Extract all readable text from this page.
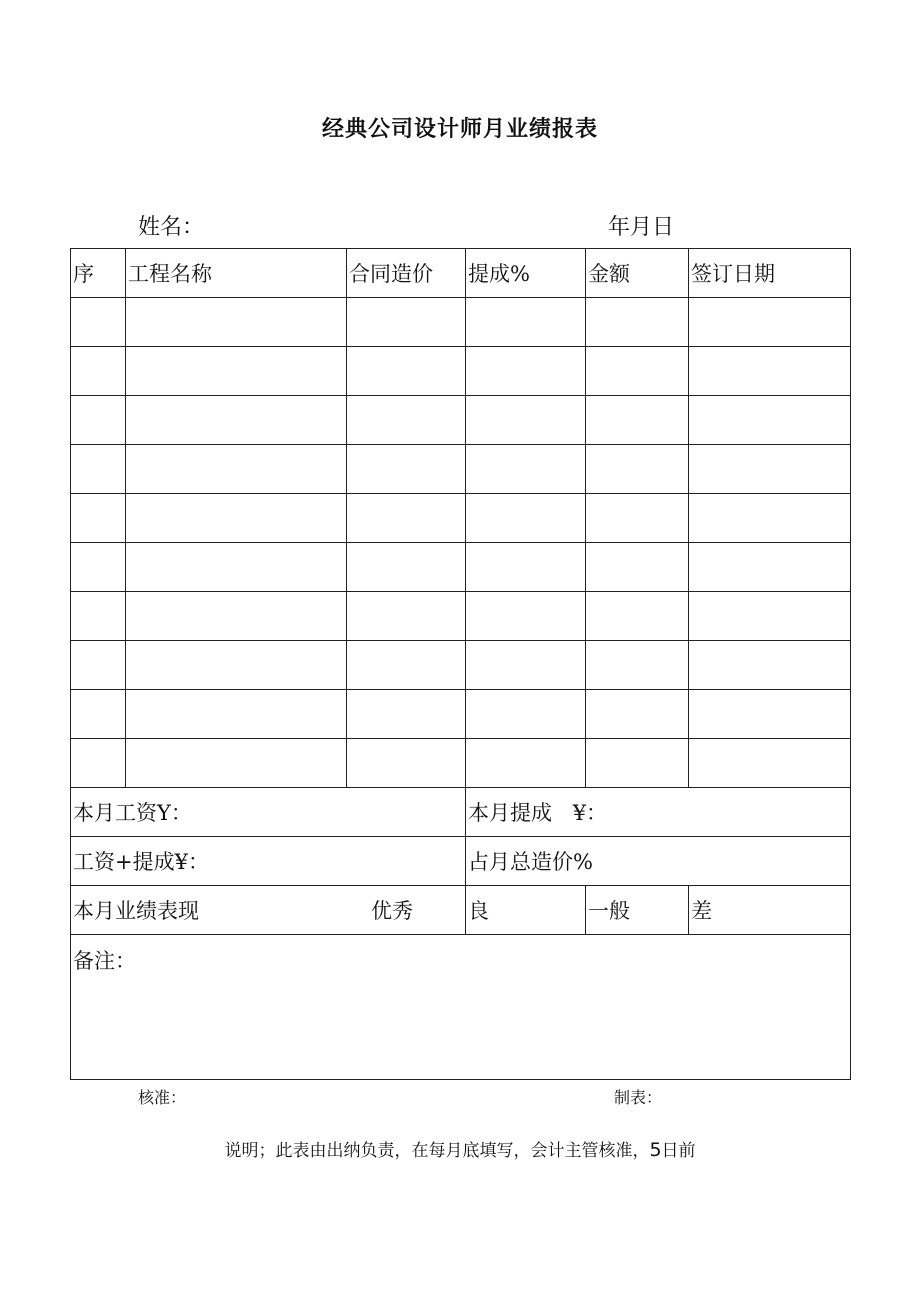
经典公司设计师月业绩报表
姓名：	年月日
序	工程名称	合同造价	提成%	金额	签订日期

本月工资Y：			本月提成 ¥：		
工资+提成¥：			占月总造价%		
本月业绩表现 优秀			良	一般	差
备注：					
核准：	制表：
说明；此表由出纳负责，在每月底填写，会计主管核准，5日前
